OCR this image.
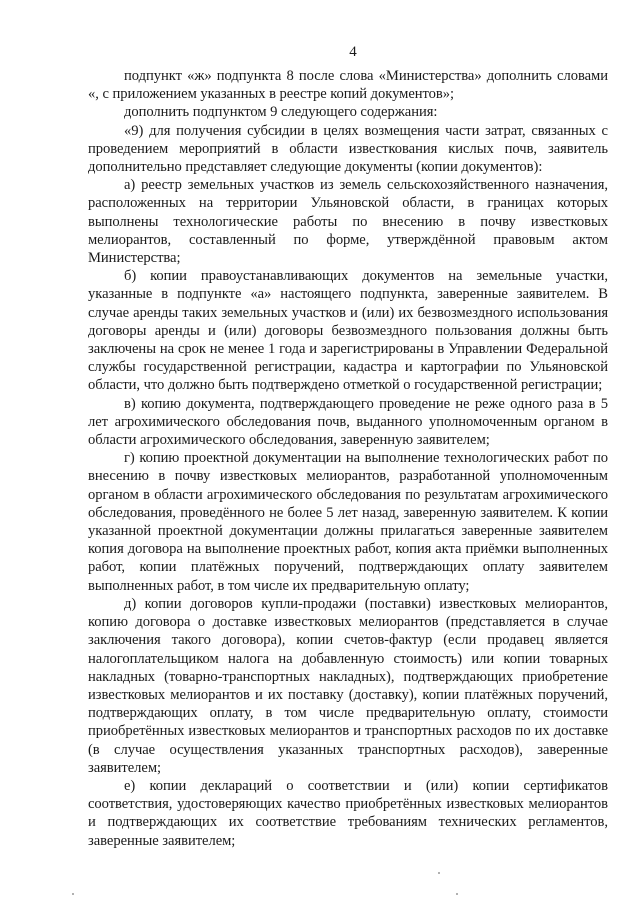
4

подпункт «ж» подпункта 8 после слова «Министерства» дополнить словами «, с приложением указанных в реестре копий документов»;

дополнить подпунктом 9 следующего содержания:

«9) для получения субсидии в целях возмещения части затрат, связанных с проведением мероприятий в области известкования кислых почв, заявитель дополнительно представляет следующие документы (копии документов):

а) реестр земельных участков из земель сельскохозяйственного назначения, расположенных на территории Ульяновской области, в границах которых выполнены технологические работы по внесению в почву известковых мелиорантов, составленный по форме, утверждённой правовым актом Министерства;

б) копии правоустанавливающих документов на земельные участки, указанные в подпункте «а» настоящего подпункта, заверенные заявителем. В случае аренды таких земельных участков и (или) их безвозмездного использования договоры аренды и (или) договоры безвозмездного пользования должны быть заключены на срок не менее 1 года и зарегистрированы в Управлении Федеральной службы государственной регистрации, кадастра и картографии по Ульяновской области, что должно быть подтверждено отметкой о государственной регистрации;

в) копию документа, подтверждающего проведение не реже одного раза в 5 лет агрохимического обследования почв, выданного уполномоченным органом в области агрохимического обследования, заверенную заявителем;

г) копию проектной документации на выполнение технологических работ по внесению в почву известковых мелиорантов, разработанной уполномоченным органом в области агрохимического обследования по результатам агрохимического обследования, проведённого не более 5 лет назад, заверенную заявителем. К копии указанной проектной документации должны прилагаться заверенные заявителем копия договора на выполнение проектных работ, копия акта приёмки выполненных работ, копии платёжных поручений, подтверждающих оплату заявителем выполненных работ, в том числе их предварительную оплату;

д) копии договоров купли-продажи (поставки) известковых мелиорантов, копию договора о доставке известковых мелиорантов (представляется в случае заключения такого договора), копии счетов-фактур (если продавец является налогоплательщиком налога на добавленную стоимость) или копии товарных накладных (товарно-транспортных накладных), подтверждающих приобретение известковых мелиорантов и их поставку (доставку), копии платёжных поручений, подтверждающих оплату, в том числе предварительную оплату, стоимости приобретённых известковых мелиорантов и транспортных расходов по их доставке (в случае осуществления указанных транспортных расходов), заверенные заявителем;

е) копии деклараций о соответствии и (или) копии сертификатов соответствия, удостоверяющих качество приобретённых известковых мелиорантов и подтверждающих их соответствие требованиям технических регламентов, заверенные заявителем;
